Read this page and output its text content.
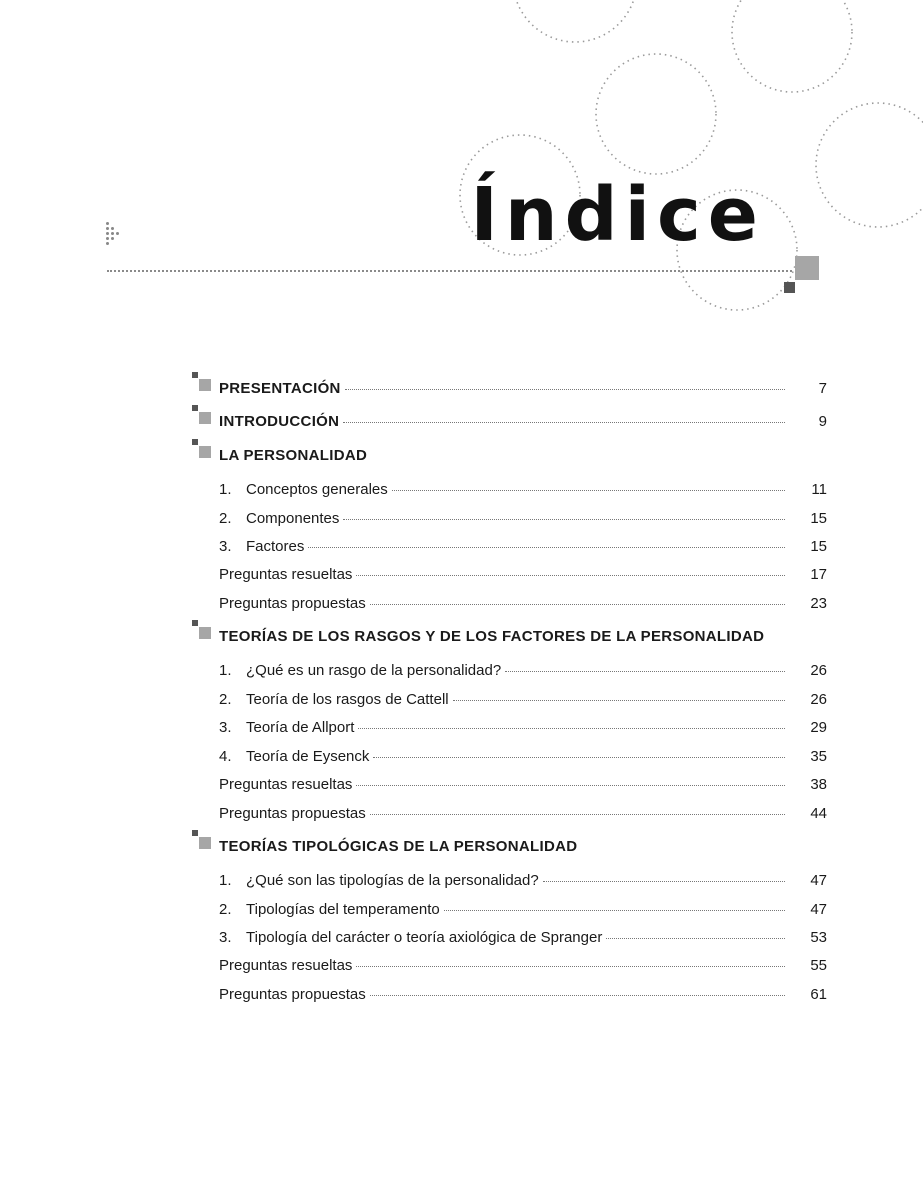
Índice
PRESENTACIÓN	7
INTRODUCCIÓN	9
LA PERSONALIDAD
1. Conceptos generales	11
2. Componentes	15
3. Factores	15
Preguntas resueltas	17
Preguntas propuestas	23
TEORÍAS DE LOS RASGOS Y DE LOS FACTORES DE LA PERSONALIDAD
1. ¿Qué es un rasgo de la personalidad?	26
2. Teoría de los rasgos de Cattell	26
3. Teoría de Allport	29
4. Teoría de Eysenck	35
Preguntas resueltas	38
Preguntas propuestas	44
TEORÍAS TIPOLÓGICAS DE LA PERSONALIDAD
1. ¿Qué son las tipologías de la personalidad?	47
2. Tipologías del temperamento	47
3. Tipología del carácter o teoría axiológica de Spranger	53
Preguntas resueltas	55
Preguntas propuestas	61
